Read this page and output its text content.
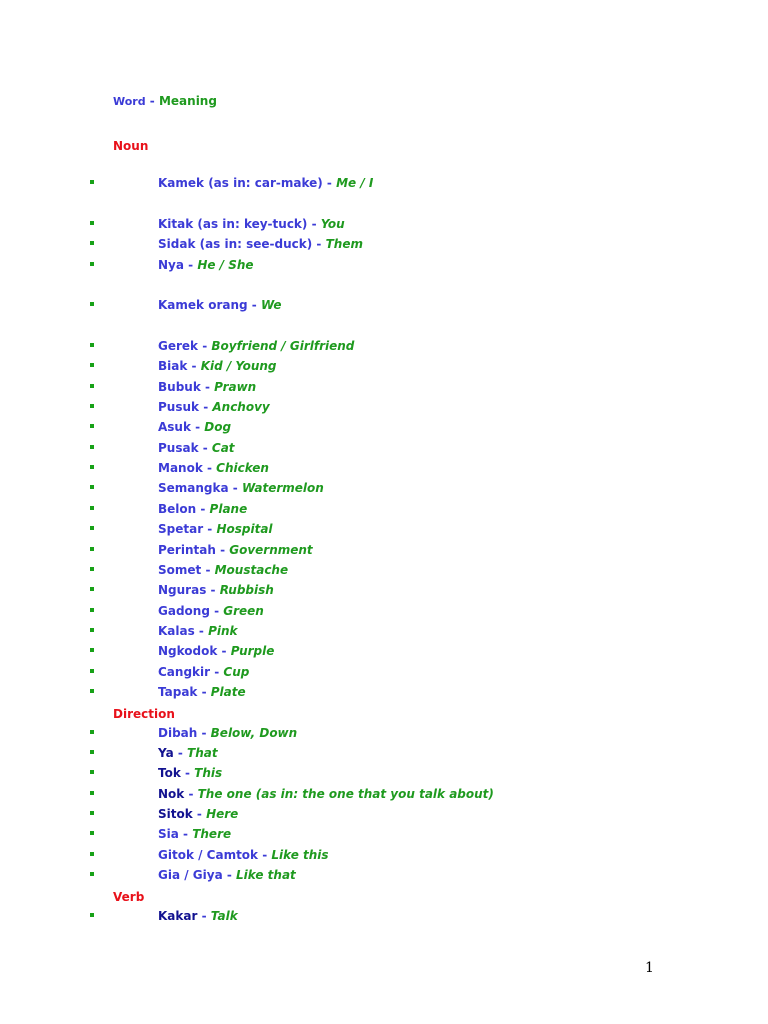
Word - Meaning
Noun
Kamek (as in: car-make) - Me / I
Kitak (as in: key-tuck) - You
Sidak (as in: see-duck) - Them
Nya - He / She
Kamek orang - We
Gerek - Boyfriend / Girlfriend
Biak - Kid / Young
Bubuk - Prawn
Pusuk - Anchovy
Asuk - Dog
Pusak - Cat
Manok - Chicken
Semangka - Watermelon
Belon - Plane
Spetar - Hospital
Perintah - Government
Somet - Moustache
Nguras - Rubbish
Gadong - Green
Kalas - Pink
Ngkodok - Purple
Cangkir - Cup
Tapak - Plate
Direction
Dibah - Below, Down
Ya - That
Tok - This
Nok - The one (as in: the one that you talk about)
Sitok - Here
Sia - There
Gitok / Camtok - Like this
Gia / Giya - Like that
Verb
Kakar - Talk
1
